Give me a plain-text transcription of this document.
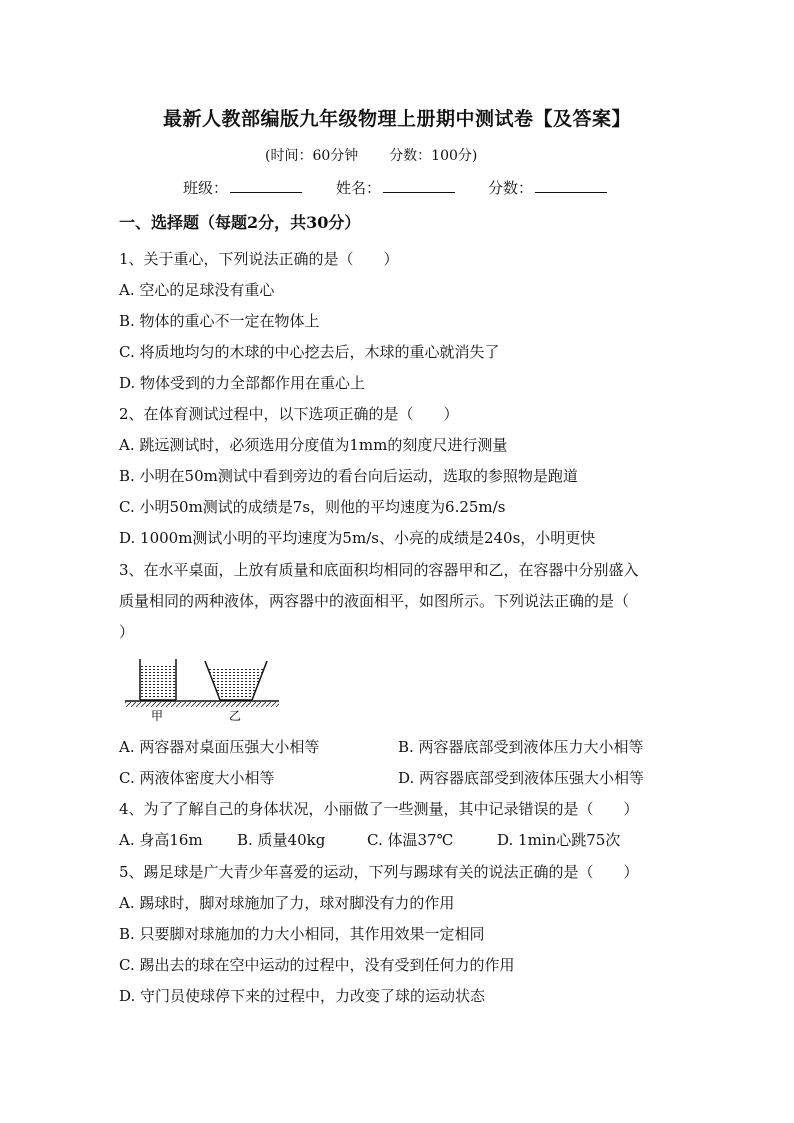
最新人教部编版九年级物理上册期中测试卷【及答案】
(时间：60分钟 分数：100分)
班级：	姓名：	分数：
一、选择题（每题2分，共30分）
1、关于重心，下列说法正确的是（　　）
A. 空心的足球没有重心
B. 物体的重心不一定在物体上
C. 将质地均匀的木球的中心挖去后，木球的重心就消失了
D. 物体受到的力全部都作用在重心上
2、在体育测试过程中，以下选项正确的是（　　）
A. 跳远测试时，必须选用分度值为1mm的刻度尺进行测量
B. 小明在50m测试中看到旁边的看台向后运动，选取的参照物是跑道
C. 小明50m测试的成绩是7s，则他的平均速度为6.25m/s
D. 1000m测试小明的平均速度为5m/s、小亮的成绩是240s，小明更快
3、在水平桌面，上放有质量和底面积均相同的容器甲和乙，在容器中分别盛入
质量相同的两种液体，两容器中的液面相平，如图所示。下列说法正确的是（
）
甲	乙
A. 两容器对桌面压强大小相等	B. 两容器底部受到液体压力大小相等
C. 两液体密度大小相等	D. 两容器底部受到液体压强大小相等
4、为了了解自己的身体状况，小丽做了一些测量，其中记录错误的是（　　）
A. 身高16m B. 质量40kg	C. 体温37℃	D. 1min心跳75次
5、踢足球是广大青少年喜爱的运动，下列与踢球有关的说法正确的是（　　）
A. 踢球时，脚对球施加了力，球对脚没有力的作用
B. 只要脚对球施加的力大小相同，其作用效果一定相同
C. 踢出去的球在空中运动的过程中，没有受到任何力的作用
D. 守门员使球停下来的过程中，力改变了球的运动状态
